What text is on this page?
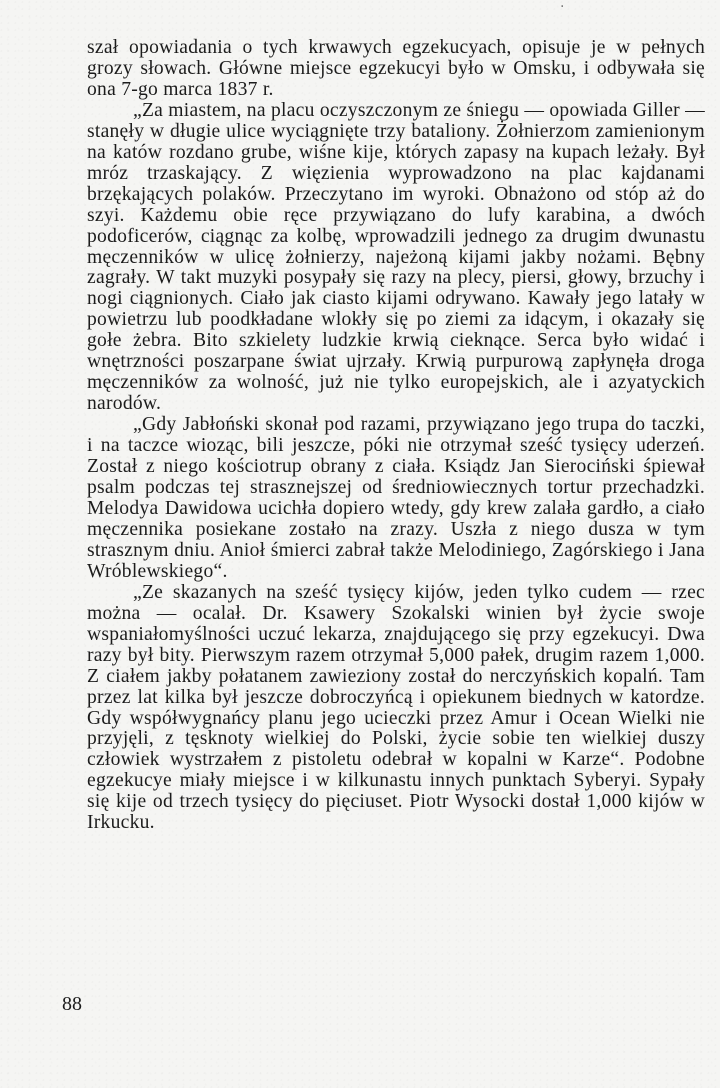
·

szał opowiadania o tych krwawych egzekucyach, opisuje je w pełnych grozy słowach. Główne miejsce egzekucyi było w Omsku, i odbywała się ona 7-go marca 1837 r.

„Za miastem, na placu oczyszczonym ze śniegu — opowiada Giller — stanęły w długie ulice wyciągnięte trzy bataliony. Żołnierzom zamienionym na katów rozdano grube, wiśne kije, których zapasy na kupach leżały. Był mróz trzaskający. Z więzienia wyprowadzono na plac kajdanami brzękających polaków. Przeczytano im wyroki. Obnażono od stóp aż do szyi. Każdemu obie ręce przywiązano do lufy karabina, a dwóch podoficerów, ciągnąc za kolbę, wprowadzili jednego za drugim dwunastu męczenników w ulicę żołnierzy, najeżoną kijami jakby nożami. Bębny zagrały. W takt muzyki posypały się razy na plecy, piersi, głowy, brzuchy i nogi ciągnionych. Ciało jak ciasto kijami odrywano. Kawały jego latały w powietrzu lub poodkładane wlokły się po ziemi za idącym, i okazały się gołe żebra. Bito szkielety ludzkie krwią cieknące. Serca było widać i wnętrzności poszarpane świat ujrzały. Krwią purpurową zapłynęła droga męczenników za wolność, już nie tylko europejskich, ale i azyatyckich narodów.

„Gdy Jabłoński skonał pod razami, przywiązano jego trupa do taczki, i na taczce wioząc, bili jeszcze, póki nie otrzymał sześć tysięcy uderzeń. Został z niego kościotrup obrany z ciała. Ksiądz Jan Sierociński śpiewał psalm podczas tej strasznejszej od średniowiecznych tortur przechadzki. Melodya Dawidowa ucichła dopiero wtedy, gdy krew zalała gardło, a ciało męczennika posiekane zostało na zrazy. Uszła z niego dusza w tym strasznym dniu. Anioł śmierci zabrał także Melodiniego, Zagórskiego i Jana Wróblewskiego“.

„Ze skazanych na sześć tysięcy kijów, jeden tylko cudem — rzec można — ocalał. Dr. Ksawery Szokalski winien był życie swoje wspaniałomyślności uczuć lekarza, znajdującego się przy egzekucyi. Dwa razy był bity. Pierwszym razem otrzymał 5,000 pałek, drugim razem 1,000. Z ciałem jakby połatanem zawieziony został do nerczyńskich kopalń. Tam przez lat kilka był jeszcze dobroczyńcą i opiekunem biednych w katordze. Gdy współwygnańcy planu jego ucieczki przez Amur i Ocean Wielki nie przyjęli, z tęsknoty wielkiej do Polski, życie sobie ten wielkiej duszy człowiek wystrzałem z pistoletu odebrał w kopalni w Karze“. Podobne egzekucye miały miejsce i w kilkunastu innych punktach Syberyi. Sypały się kije od trzech tysięcy do pięciuset. Piotr Wysocki dostał 1,000 kijów w Irkucku.

88
